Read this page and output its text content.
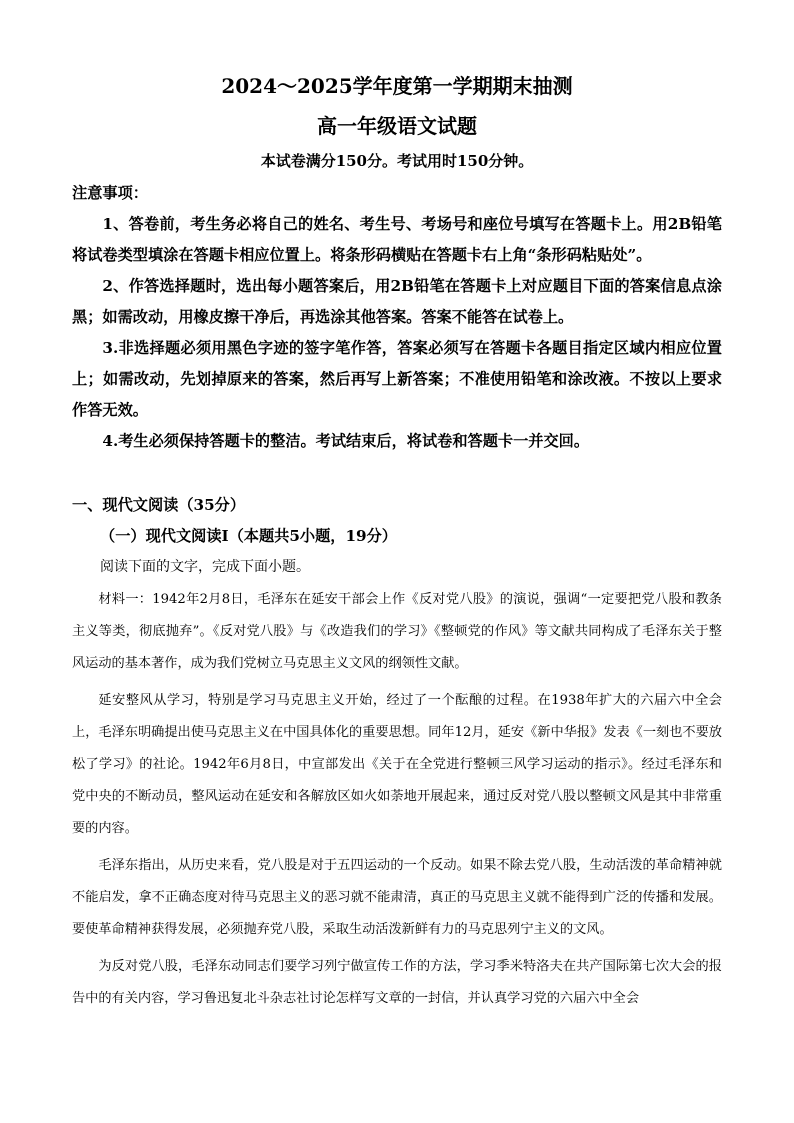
2024～2025学年度第一学期期末抽测
高一年级语文试题
本试卷满分150分。考试用时150分钟。
注意事项：

1、答卷前，考生务必将自己的姓名、考生号、考场号和座位号填写在答题卡上。用2B铅笔将试卷类型填涂在答题卡相应位置上。将条形码横贴在答题卡右上角“条形码粘贴处”。

2、作答选择题时，选出每小题答案后，用2B铅笔在答题卡上对应题目下面的答案信息点涂黑；如需改动，用橡皮擦干净后，再选涂其他答案。答案不能答在试卷上。

3.非选择题必须用黑色字迹的签字笔作答，答案必须写在答题卡各题目指定区域内相应位置上；如需改动，先划掉原来的答案，然后再写上新答案；不准使用铅笔和涂改液。不按以上要求作答无效。

4.考生必须保持答题卡的整洁。考试结束后，将试卷和答题卡一并交回。

一、现代文阅读（35分）
（一）现代文阅读Ⅰ（本题共5小题，19分）
阅读下面的文字，完成下面小题。

材料一：1942年2月8日，毛泽东在延安干部会上作《反对党八股》的演说，强调“一定要把党八股和教条主义等类，彻底抛弃”。《反对党八股》与《改造我们的学习》《整顿党的作风》等文献共同构成了毛泽东关于整风运动的基本著作，成为我们党树立马克思主义文风的纲领性文献。

延安整风从学习，特别是学习马克思主义开始，经过了一个酝酿的过程。在1938年扩大的六届六中全会上，毛泽东明确提出使马克思主义在中国具体化的重要思想。同年12月，延安《新中华报》发表《一刻也不要放松了学习》的社论。1942年6月8日，中宣部发出《关于在全党进行整顿三风学习运动的指示》。经过毛泽东和党中央的不断动员，整风运动在延安和各解放区如火如荼地开展起来，通过反对党八股以整顿文风是其中非常重要的内容。

毛泽东指出，从历史来看，党八股是对于五四运动的一个反动。如果不除去党八股，生动活泼的革命精神就不能启发，拿不正确态度对待马克思主义的恶习就不能肃清，真正的马克思主义就不能得到广泛的传播和发展。要使革命精神获得发展，必须抛弃党八股，采取生动活泼新鲜有力的马克思列宁主义的文风。

为反对党八股，毛泽东动同志们要学习列宁做宣传工作的方法，学习季米特洛夫在共产国际第七次大会的报告中的有关内容，学习鲁迅复北斗杂志社讨论怎样写文章的一封信，并认真学习党的六届六中全会
